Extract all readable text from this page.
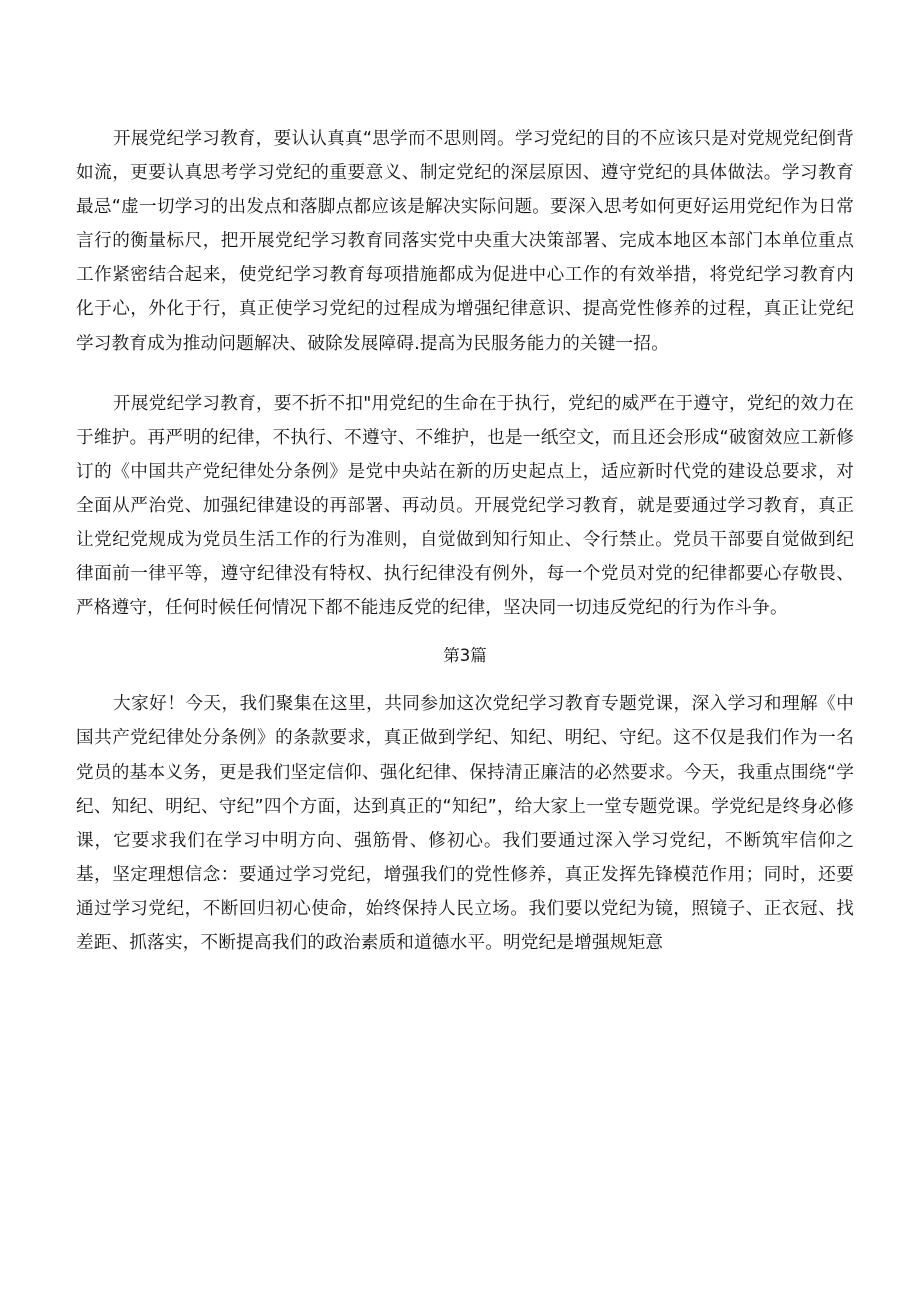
开展党纪学习教育，要认认真真“思学而不思则罔。学习党纪的目的不应该只是对党规党纪倒背如流，更要认真思考学习党纪的重要意义、制定党纪的深层原因、遵守党纪的具体做法。学习教育最忌“虚一切学习的出发点和落脚点都应该是解决实际问题。要深入思考如何更好运用党纪作为日常言行的衡量标尺，把开展党纪学习教育同落实党中央重大决策部署、完成本地区本部门本单位重点工作紧密结合起来，使党纪学习教育每项措施都成为促进中心工作的有效举措，将党纪学习教育内化于心，外化于行，真正使学习党纪的过程成为增强纪律意识、提高党性修养的过程，真正让党纪学习教育成为推动问题解决、破除发展障碍.提高为民服务能力的关键一招。

开展党纪学习教育，要不折不扣"用党纪的生命在于执行，党纪的威严在于遵守，党纪的效力在于维护。再严明的纪律，不执行、不遵守、不维护，也是一纸空文，而且还会形成“破窗效应工新修订的《中国共产党纪律处分条例》是党中央站在新的历史起点上，适应新时代党的建设总要求，对全面从严治党、加强纪律建设的再部署、再动员。开展党纪学习教育，就是要通过学习教育，真正让党纪党规成为党员生活工作的行为准则，自觉做到知行知止、令行禁止。党员干部要自觉做到纪律面前一律平等，遵守纪律没有特权、执行纪律没有例外，每一个党员对党的纪律都要心存敬畏、严格遵守，任何时候任何情况下都不能违反党的纪律，坚决同一切违反党纪的行为作斗争。

第3篇

大家好！今天，我们聚集在这里，共同参加这次党纪学习教育专题党课，深入学习和理解《中国共产党纪律处分条例》的条款要求，真正做到学纪、知纪、明纪、守纪。这不仅是我们作为一名党员的基本义务，更是我们坚定信仰、强化纪律、保持清正廉洁的必然要求。今天，我重点围绕“学纪、知纪、明纪、守纪”四个方面，达到真正的“知纪”，给大家上一堂专题党课。学党纪是终身必修课，它要求我们在学习中明方向、强筋骨、修初心。我们要通过深入学习党纪，不断筑牢信仰之基，坚定理想信念：要通过学习党纪，增强我们的党性修养，真正发挥先锋模范作用；同时，还要通过学习党纪，不断回归初心使命，始终保持人民立场。我们要以党纪为镜，照镜子、正衣冠、找差距、抓落实，不断提高我们的政治素质和道德水平。明党纪是增强规矩意
